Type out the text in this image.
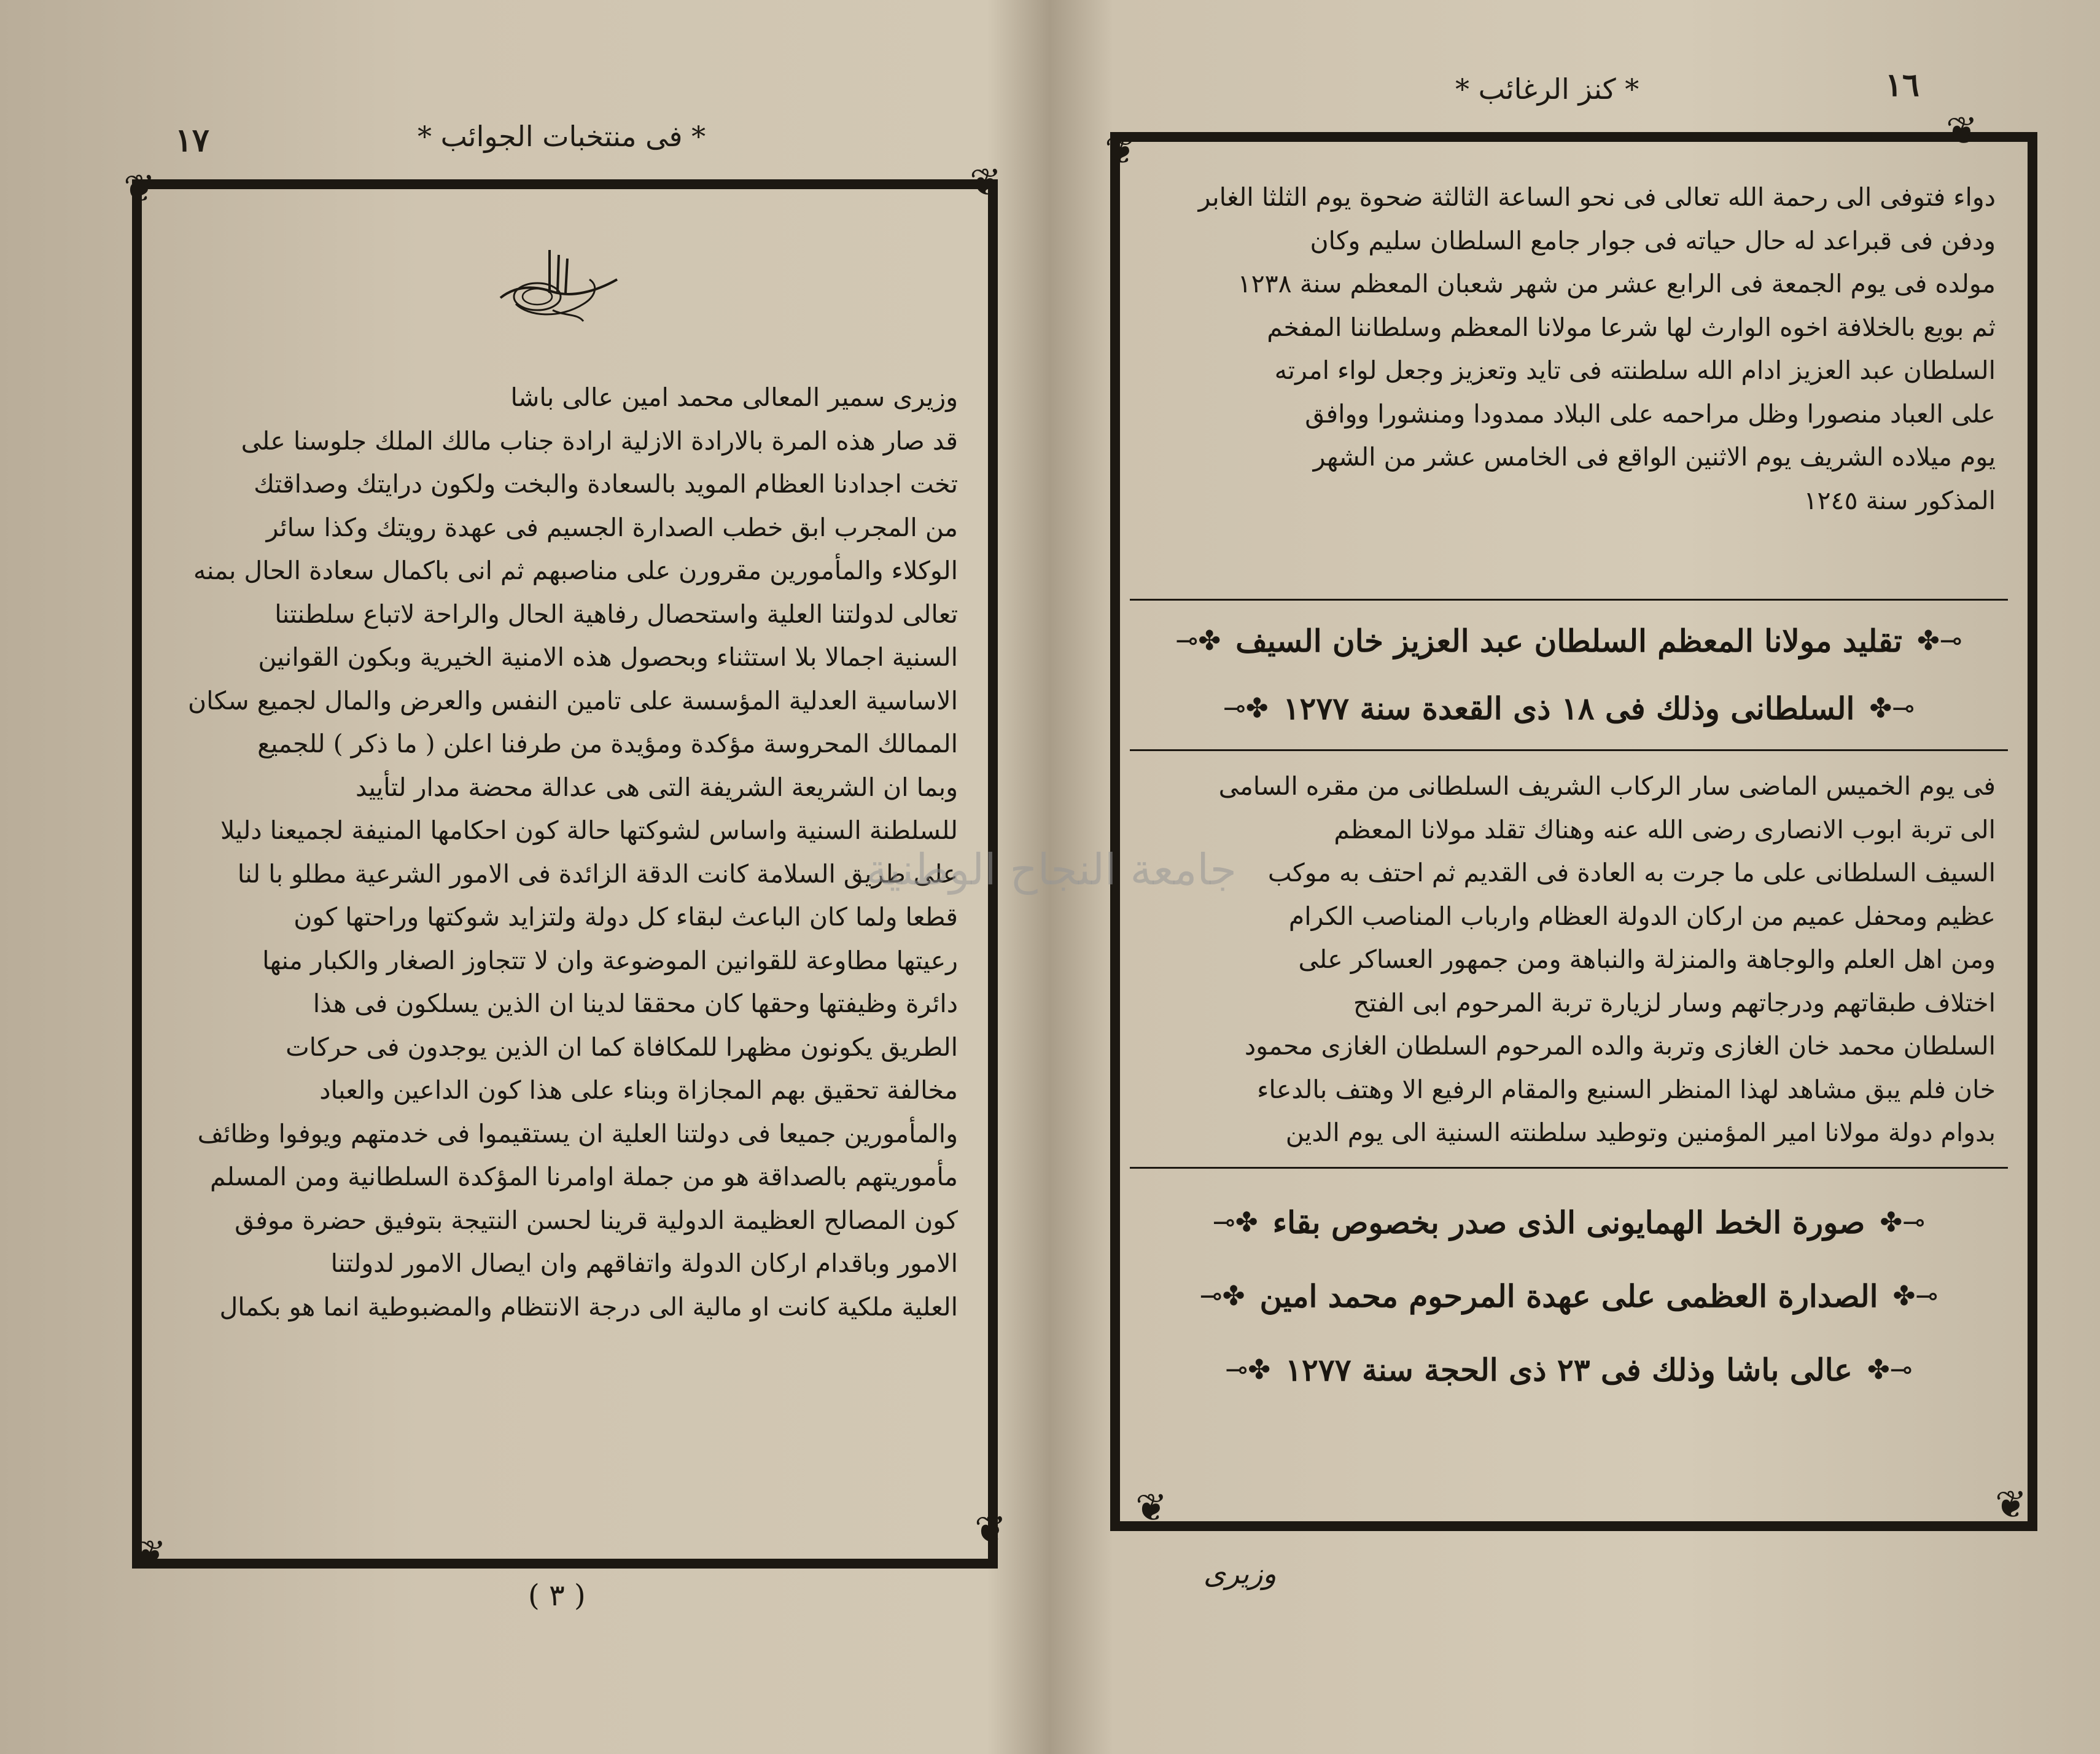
١٧	* فى منتخبات الجوائب *
❦	❦
❦
❦

وزيرى سمير المعالى محمد امين عالى باشا

قد صار هذه المرة بالارادة الازلية ارادة جناب مالك الملك جلوسنا على

تخت اجدادنا العظام المويد بالسعادة والبخت ولكون درايتك وصداقتك

من المجرب ابق خطب الصدارة الجسيم فى عهدة رويتك وكذا سائر

الوكلاء والمأمورين مقرورن على مناصبهم ثم انى باكمال سعادة الحال بمنه

تعالى لدولتنا العلية واستحصال رفاهية الحال والراحة لاتباع سلطنتنا

السنية اجمالا بلا استثناء وبحصول هذه الامنية الخيرية وبكون القوانين

الاساسية العدلية المؤسسة على تامين النفس والعرض والمال لجميع سكان

الممالك المحروسة مؤكدة ومؤيدة من طرفنا اعلن ( ما ذكر ) للجميع

وبما ان الشريعة الشريفة التى هى عدالة محضة مدار لتأييد

للسلطنة السنية واساس لشوكتها حالة كون احكامها المنيفة لجميعنا دليلا

على طريق السلامة كانت الدقة الزائدة فى الامور الشرعية مطلو با لنا

قطعا ولما كان الباعث لبقاء كل دولة ولتزايد شوكتها وراحتها كون

رعيتها مطاوعة للقوانين الموضوعة وان لا تتجاوز الصغار والكبار منها

دائرة وظيفتها وحقها كان محققا لدينا ان الذين يسلكون فى هذا

الطريق يكونون مظهرا للمكافاة كما ان الذين يوجدون فى حركات

مخالفة تحقيق بهم المجازاة وبناء على هذا كون الداعين والعباد

والمأمورين جميعا فى دولتنا العلية ان يستقيموا فى خدمتهم ويوفوا وظائف

مأموريتهم بالصداقة هو من جملة اوامرنا المؤكدة السلطانية ومن المسلم

كون المصالح العظيمة الدولية قرينا لحسن النتيجة بتوفيق حضرة موفق

الامور وباقدام اركان الدولة واتفاقهم وان ايصال الامور لدولتنا

العلية ملكية كانت او مالية الى درجة الانتظام والمضبوطية انما هو بكمال

( ٣ )
* كنز الرغائب *	١٦
❦	❦
❦	❦

دواء فتوفى الى رحمة الله تعالى فى نحو الساعة الثالثة ضحوة يوم الثلثا الغابر

ودفن فى قبراعد له حال حياته فى جوار جامع السلطان سليم وكان

مولده فى يوم الجمعة فى الرابع عشر من شهر شعبان المعظم سنة ١٢٣٨

ثم بويع بالخلافة اخوه الوارث لها شرعا مولانا المعظم وسلطاننا المفخم

السلطان عبد العزيز ادام الله سلطنته فى تايد وتعزيز وجعل لواء امرته

على العباد منصورا وظل مراحمه على البلاد ممدودا ومنشورا ووافق

يوم ميلاده الشريف يوم الاثنين الواقع فى الخامس عشر من الشهر

المذكور سنة ١٢٤٥

⊸✤
تقليد مولانا المعظم السلطان عبد العزيز خان السيف
✤⊸
⊸✤
السلطانى وذلك فى ١٨ ذى القعدة سنة ١٢٧٧
✤⊸

فى يوم الخميس الماضى سار الركاب الشريف السلطانى من مقره السامى

الى تربة ابوب الانصارى رضى الله عنه وهناك تقلد مولانا المعظم

السيف السلطانى على ما جرت به العادة فى القديم ثم احتف به موكب

عظيم ومحفل عميم من اركان الدولة العظام وارباب المناصب الكرام

ومن اهل العلم والوجاهة والمنزلة والنباهة ومن جمهور العساكر على

اختلاف طبقاتهم ودرجاتهم وسار لزيارة تربة المرحوم ابى الفتح

السلطان محمد خان الغازى وتربة والده المرحوم السلطان الغازى محمود

خان فلم يبق مشاهد لهذا المنظر السنيع والمقام الرفيع الا وهتف بالدعاء

بدوام دولة مولانا امير المؤمنين وتوطيد سلطنته السنية الى يوم الدين

⊸✤
صورة الخط الهمايونى الذى صدر بخصوص بقاء
✤⊸
⊸✤
الصدارة العظمى على عهدة المرحوم محمد امين
✤⊸
⊸✤
عالى باشا وذلك فى ٢٣ ذى الحجة سنة ١٢٧٧
✤⊸
وزيرى
جامعة النجاح الوطنية
